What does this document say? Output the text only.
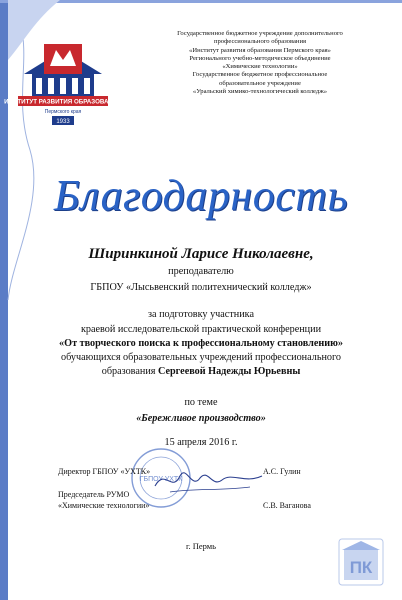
ИНСТИТУТ РАЗВИТИЯ ОБРАЗОВАНИЯ
Пермского края
1933
Государственное бюджетное учреждение дополнительного
профессионального образования
«Институт развития образования Пермского края»
Регионального учебно-методическое объединение
«Химические технологии»
Государственное бюджетное профессиональное
образовательное учреждение
«Уральский химико-технологический колледж»
Благодарность
Ширинкиной Ларисе Николаевне,
преподавателю
ГБПОУ «Лысьвенский политехнический колледж»
за подготовку участника
краевой исследовательской практической конференции
«От творческого поиска к профессиональному становлению»
обучающихся образовательных учреждений профессионального
образования Сергеевой Надежды Юрьевны
по теме
«Бережливое производство»
15 апреля 2016 г.
ГБПОУ УХТК
Директор ГБПОУ «УХТК»	А.С. Гулин
Председатель РУМО
«Химические технологии»	С.В. Ваганова
г. Пермь
ПК
